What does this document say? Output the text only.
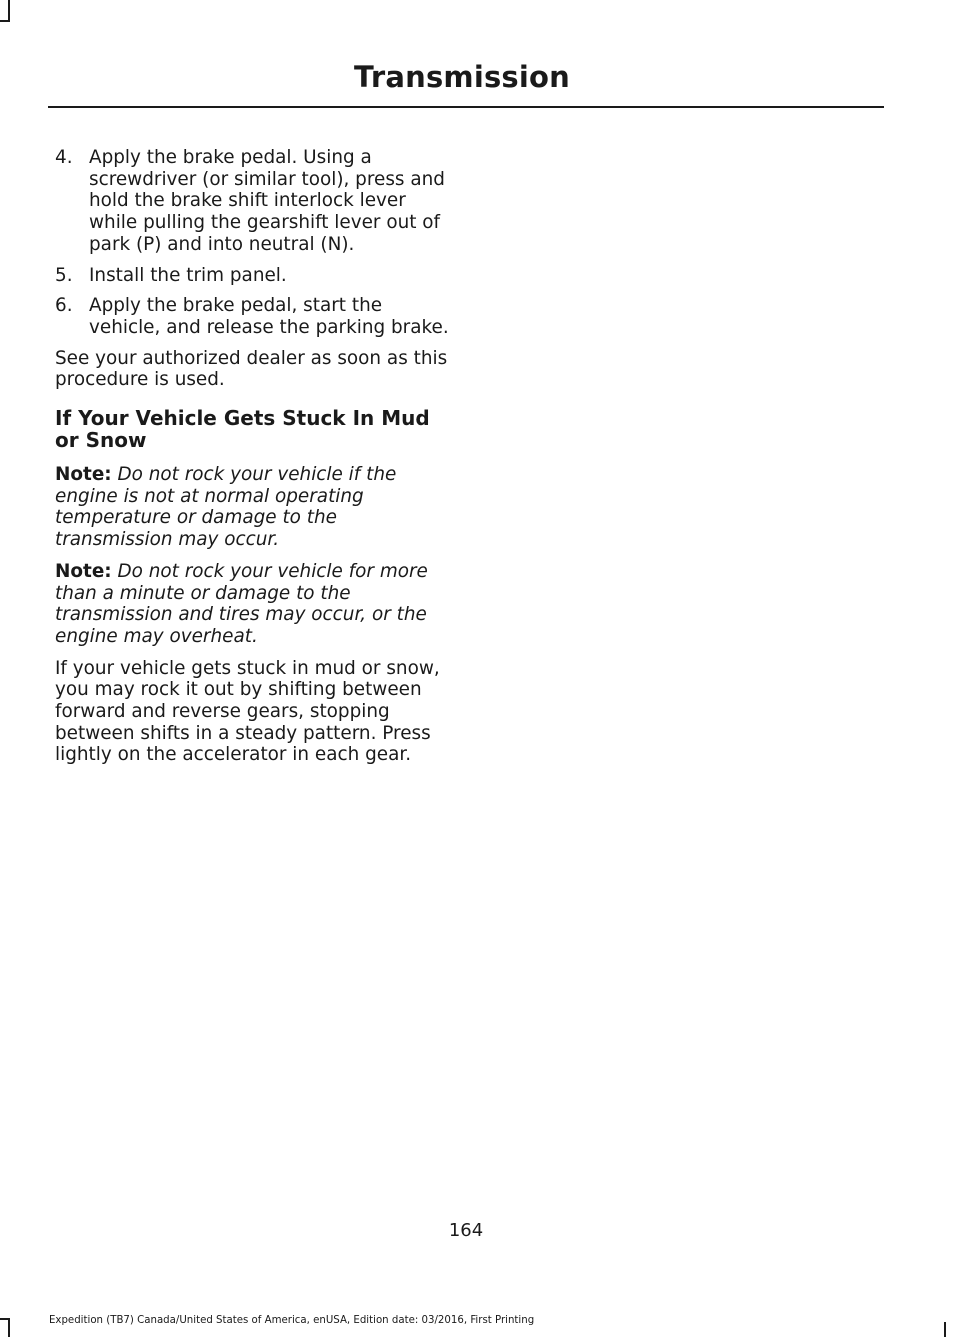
Transmission
4. Apply the brake pedal. Using a screwdriver (or similar tool), press and hold the brake shift interlock lever while pulling the gearshift lever out of park (P) and into neutral (N).
5. Install the trim panel.
6. Apply the brake pedal, start the vehicle, and release the parking brake.

See your authorized dealer as soon as this procedure is used.

If Your Vehicle Gets Stuck In Mud or Snow

Note: Do not rock your vehicle if the engine is not at normal operating temperature or damage to the transmission may occur.

Note: Do not rock your vehicle for more than a minute or damage to the transmission and tires may occur, or the engine may overheat.

If your vehicle gets stuck in mud or snow, you may rock it out by shifting between forward and reverse gears, stopping between shifts in a steady pattern. Press lightly on the accelerator in each gear.

164
Expedition (TB7) Canada/United States of America, enUSA, Edition date: 03/2016, First Printing
